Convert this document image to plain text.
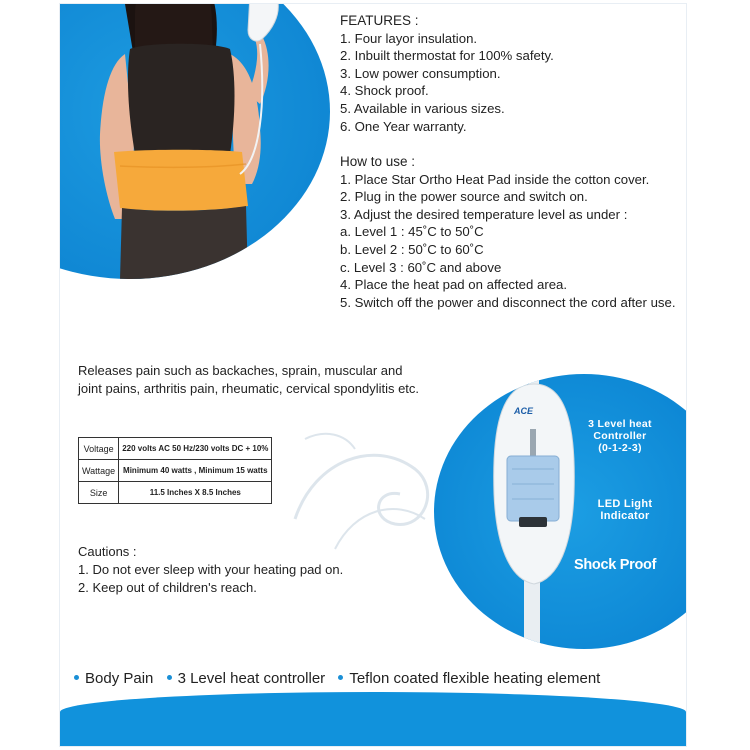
FEATURES :
1. Four layor insulation.
2. Inbuilt thermostat for 100% safety.
3. Low power consumption.
4. Shock proof.
5. Available in various sizes.
6. One Year warranty.
How to use :
1. Place Star Ortho Heat Pad inside the cotton cover.
2. Plug in the power source and switch on.
3. Adjust the desired temperature level as under :
a. Level 1 : 45˚C to 50˚C
b. Level 2 : 50˚C to 60˚C
c. Level 3 : 60˚C and above
4. Place the heat pad on affected area.
5. Switch off the power and disconnect the cord after use.
Releases pain such as backaches, sprain, muscular and
joint pains, arthritis pain, rheumatic, cervical spondylitis etc.
Voltage	220 volts AC 50 Hz/230 volts DC + 10%
Wattage	Minimum 40 watts , Minimum 15 watts
Size	11.5 Inches X 8.5 Inches
Cautions :
1. Do not ever sleep with your heating pad on.
2. Keep out of children's reach.
ACE
3 Level heat
Controller
(0-1-2-3)
LED Light
Indicator
Shock Proof
Body Pain 3 Level heat controller Teflon coated flexible heating element
